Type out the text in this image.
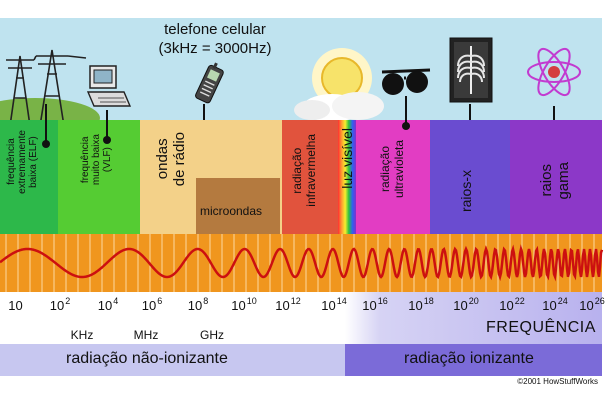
telefone celular
(3kHz = 3000Hz)
frequência extremamente baixa (ELF)	frequência muito baixa (VLF)	ondas de rádio
microondas
radiação infravermelha luz visível radiação ultravioleta	raios-x	raios gama
10 $10^2$ $10^4$ $10^6$ $10^8$ $10^{10}$ $10^{12}$ $10^{14}$ $10^{16}$ $10^{18}$ $10^{20}$ $10^{22}$ $10^{24}$ $10^{26}$
KHz	MHz	GHz	FREQUÊNCIA
radiação não-ionizante	radiação ionizante
©2001 HowStuffWorks
